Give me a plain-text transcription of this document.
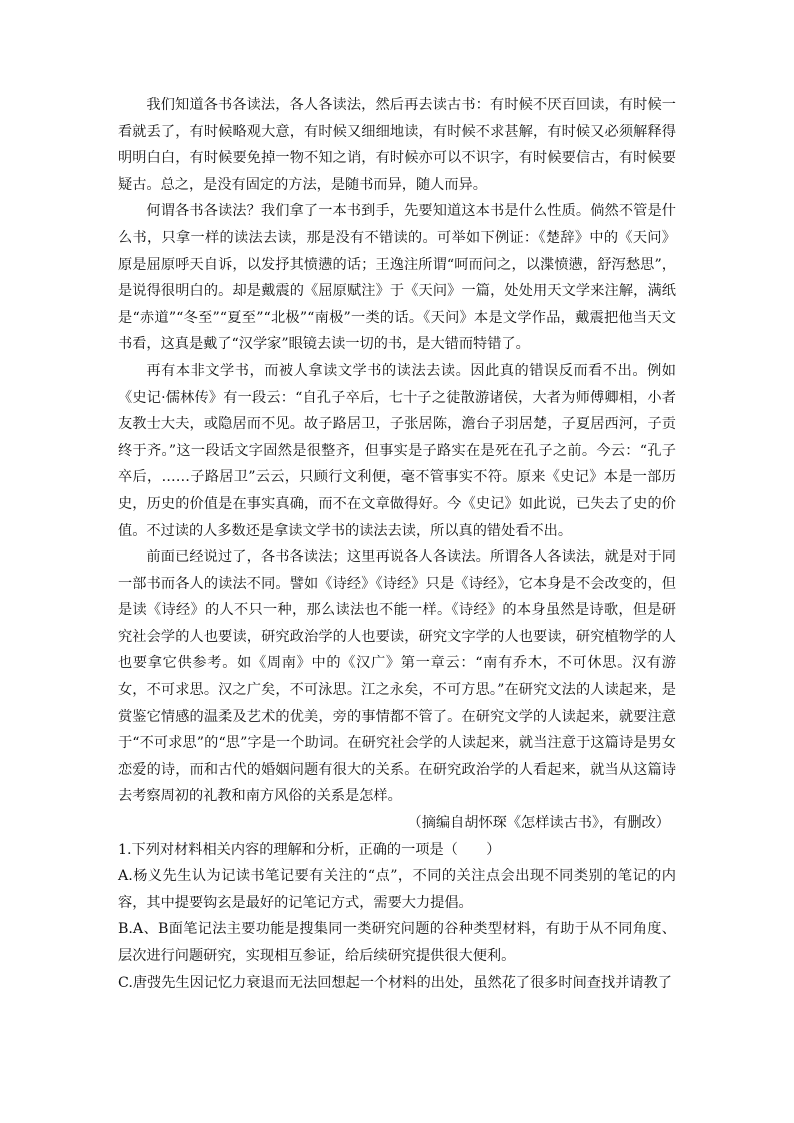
我们知道各书各读法，各人各读法，然后再去读古书：有时候不厌百回读，有时候一看就丢了，有时候略观大意，有时候又细细地读，有时候不求甚解，有时候又必须解释得明明白白，有时候要免掉一物不知之诮，有时候亦可以不识字，有时候要信古，有时候要疑古。总之，是没有固定的方法，是随书而异，随人而异。

何谓各书各读法？我们拿了一本书到手，先要知道这本书是什么性质。倘然不管是什么书，只拿一样的读法去读，那是没有不错读的。可举如下例证：《楚辞》中的《天问》原是屈原呼天自诉，以发抒其愤懑的话；王逸注所谓“呵而问之，以渫愤懑，舒泻愁思”，是说得很明白的。却是戴震的《屈原赋注》于《天问》一篇，处处用天文学来注解，满纸是“赤道”“冬至”“夏至”“北极”“南极”一类的话。《天问》本是文学作品，戴震把他当天文书看，这真是戴了“汉学家”眼镜去读一切的书，是大错而特错了。

再有本非文学书，而被人拿读文学书的读法去读。因此真的错误反而看不出。例如《史记·儒林传》有一段云：“自孔子卒后，七十子之徒散游诸侯，大者为师傅卿相，小者友教士大夫，或隐居而不见。故子路居卫，子张居陈，澹台子羽居楚，子夏居西河，子贡终于齐。”这一段话文字固然是很整齐，但事实是子路实在是死在孔子之前。今云：“孔子卒后，……子路居卫”云云，只顾行文利便，毫不管事实不符。原来《史记》本是一部历史，历史的价值是在事实真确，而不在文章做得好。今《史记》如此说，已失去了史的价值。不过读的人多数还是拿读文学书的读法去读，所以真的错处看不出。

前面已经说过了，各书各读法；这里再说各人各读法。所谓各人各读法，就是对于同一部书而各人的读法不同。譬如《诗经》《诗经》只是《诗经》，它本身是不会改变的，但是读《诗经》的人不只一种，那么读法也不能一样。《诗经》的本身虽然是诗歌，但是研究社会学的人也要读，研究政治学的人也要读，研究文字学的人也要读，研究植物学的人也要拿它供参考。如《周南》中的《汉广》第一章云：“南有乔木，不可休思。汉有游女，不可求思。汉之广矣，不可泳思。江之永矣，不可方思。”在研究文法的人读起来，是赏鉴它情感的温柔及艺术的优美，旁的事情都不管了。在研究文学的人读起来，就要注意于“不可求思”的“思”字是一个助词。在研究社会学的人读起来，就当注意于这篇诗是男女恋爱的诗，而和古代的婚姻问题有很大的关系。在研究政治学的人看起来，就当从这篇诗去考察周初的礼教和南方风俗的关系是怎样。

（摘编自胡怀琛《怎样读古书》，有删改）

1.下列对材料相关内容的理解和分析，正确的一项是（　　）

A.杨义先生认为记读书笔记要有关注的“点”，不同的关注点会出现不同类别的笔记的内容，其中提要钩玄是最好的记笔记方式，需要大力提倡。

B.A、B面笔记法主要功能是搜集同一类研究问题的谷种类型材料，有助于从不同角度、层次进行问题研究，实现相互参证，给后续研究提供很大便利。

C.唐弢先生因记忆力衰退而无法回想起一个材料的出处，虽然花了很多时间查找并请教了
